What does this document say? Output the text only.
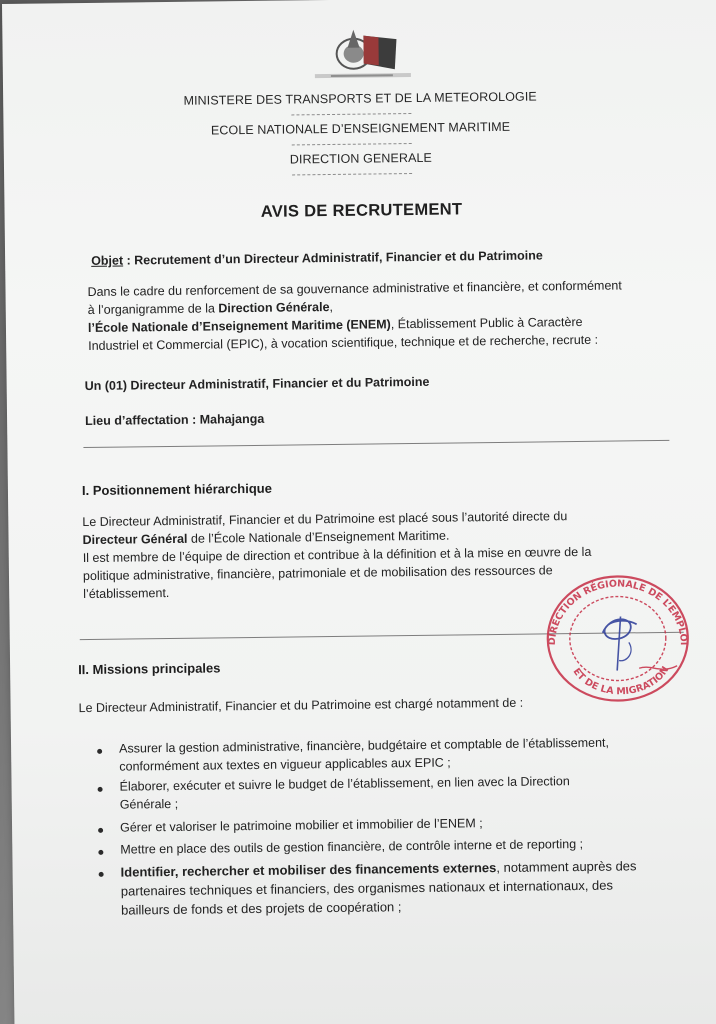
MINISTERE DES TRANSPORTS ET DE LA METEOROLOGIE
ECOLE NATIONALE D’ENSEIGNEMENT MARITIME
DIRECTION GENERALE
AVIS DE RECRUTEMENT
Objet : Recrutement d’un Directeur Administratif, Financier et du Patrimoine
Dans le cadre du renforcement de sa gouvernance administrative et financière, et conformément
à l’organigramme de la Direction Générale,
l’École Nationale d’Enseignement Maritime (ENEM), Établissement Public à Caractère
Industriel et Commercial (EPIC), à vocation scientifique, technique et de recherche, recrute :
Un (01) Directeur Administratif, Financier et du Patrimoine
Lieu d’affectation : Mahajanga
I. Positionnement hiérarchique
Le Directeur Administratif, Financier et du Patrimoine est placé sous l’autorité directe du
Directeur Général de l’École Nationale d’Enseignement Maritime.
Il est membre de l’équipe de direction et contribue à la définition et à la mise en œuvre de la
politique administrative, financière, patrimoniale et de mobilisation des ressources de
l’établissement.
II. Missions principales
Le Directeur Administratif, Financier et du Patrimoine est chargé notamment de :
Assurer la gestion administrative, financière, budgétaire et comptable de l’établissement,
conformément aux textes en vigueur applicables aux EPIC ;
Élaborer, exécuter et suivre le budget de l’établissement, en lien avec la Direction
Générale ;
Gérer et valoriser le patrimoine mobilier et immobilier de l’ENEM ;
Mettre en place des outils de gestion financière, de contrôle interne et de reporting ;
Identifier, rechercher et mobiliser des financements externes, notamment auprès des
partenaires techniques et financiers, des organismes nationaux et internationaux, des
bailleurs de fonds et des projets de coopération ;
DIRECTION RÉGIONALE DE L’EMPLOI
ET DE LA MIGRATION
